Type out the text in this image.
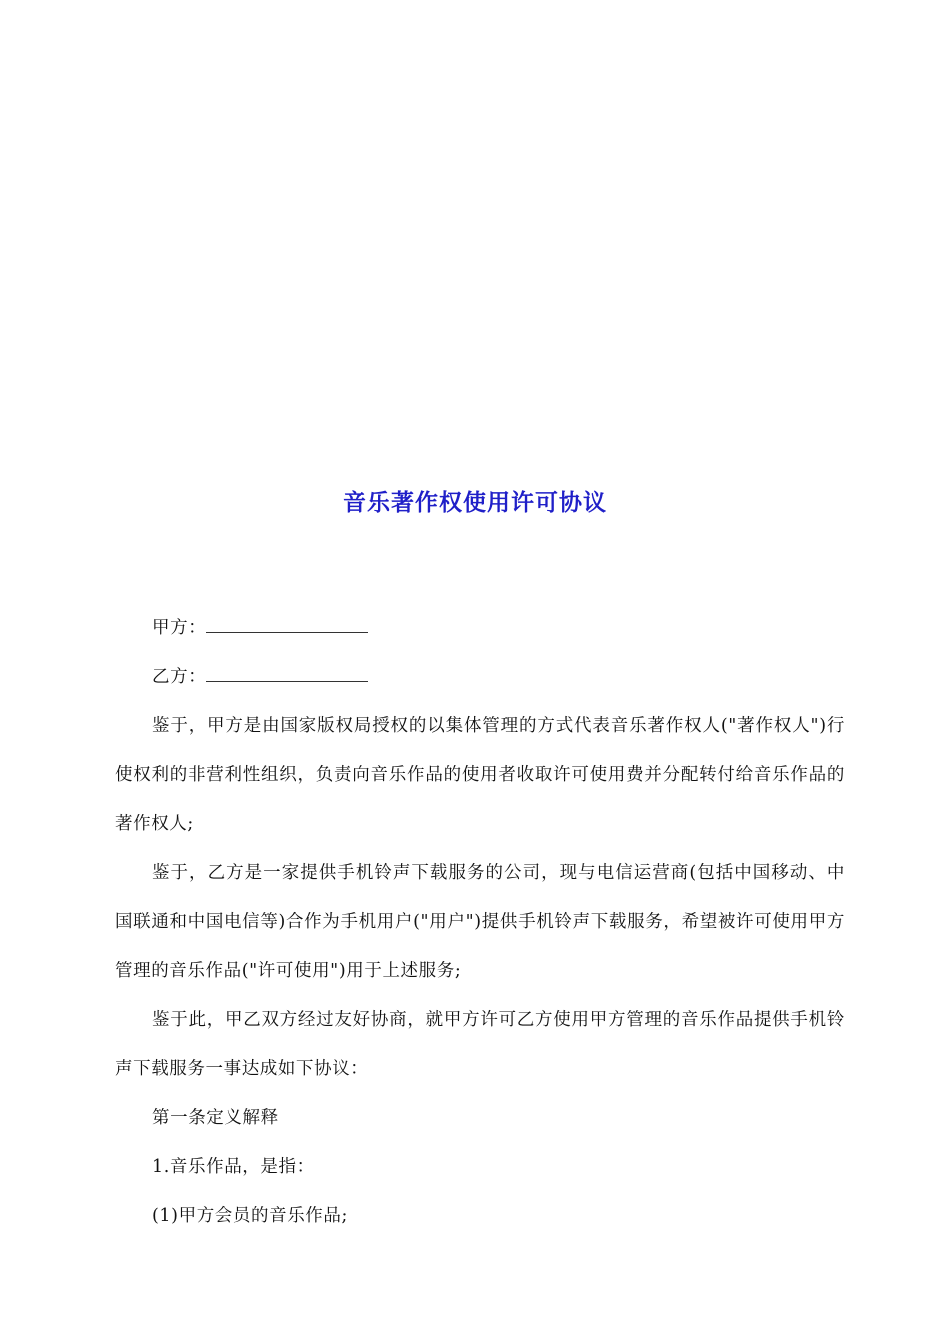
音乐著作权使用许可协议

甲方：

乙方：

鉴于，甲方是由国家版权局授权的以集体管理的方式代表音乐著作权人("著作权人")行使权利的非营利性组织，负责向音乐作品的使用者收取许可使用费并分配转付给音乐作品的著作权人;

鉴于，乙方是一家提供手机铃声下载服务的公司，现与电信运营商(包括中国移动、中国联通和中国电信等)合作为手机用户("用户")提供手机铃声下载服务，希望被许可使用甲方管理的音乐作品("许可使用")用于上述服务;

鉴于此，甲乙双方经过友好协商，就甲方许可乙方使用甲方管理的音乐作品提供手机铃声下载服务一事达成如下协议：

第一条定义解释

1.音乐作品，是指：

(1)甲方会员的音乐作品;
